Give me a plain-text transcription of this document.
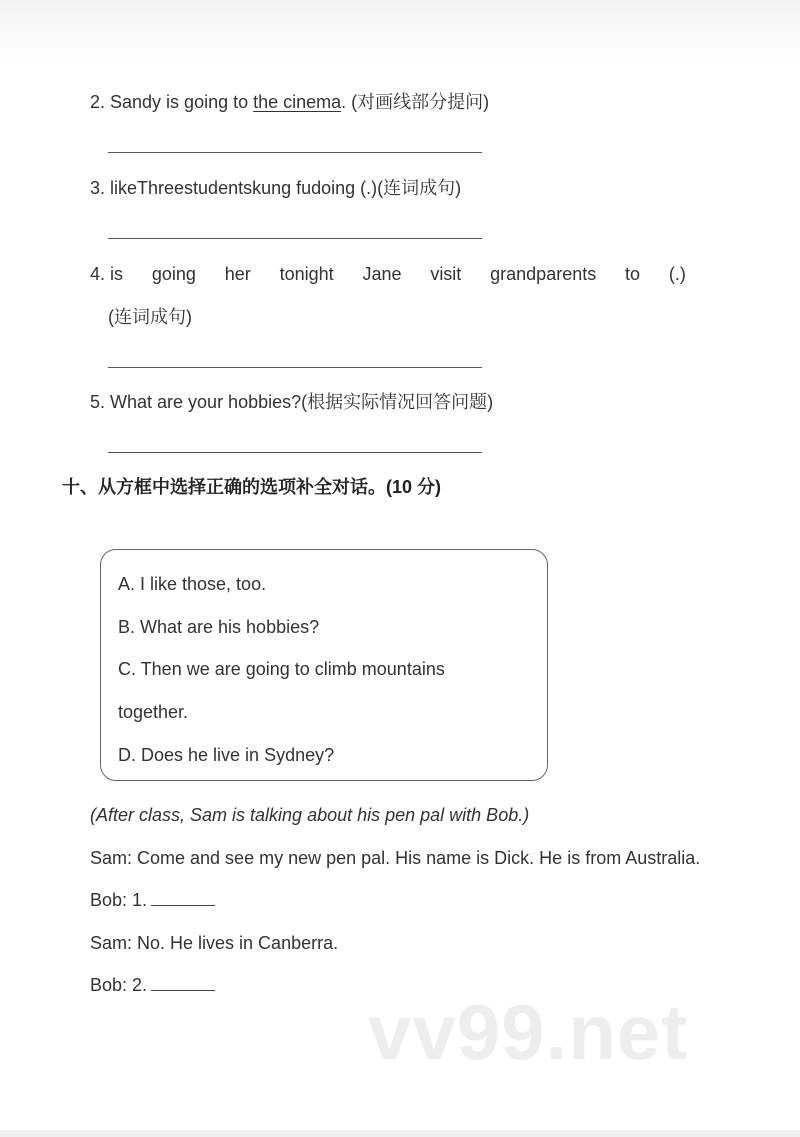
2. Sandy is going to the cinema. (对画线部分提问)
3. likeThreestudentskung fudoing (.)(连词成句)
4. is going her tonight Jane visit grandparents to (.)
(连词成句)
5. What are your hobbies?(根据实际情况回答问题)
十、从方框中选择正确的选项补全对话。(10 分)
A. I like those, too.
B. What are his hobbies?
C. Then we are going to climb mountains
together.
D. Does he live in Sydney?
(After class, Sam is talking about his pen pal with Bob.)
Sam: Come and see my new pen pal. His name is Dick. He is from Australia.
Bob: 1.
Sam: No. He lives in Canberra.
Bob: 2.
vv99.net
